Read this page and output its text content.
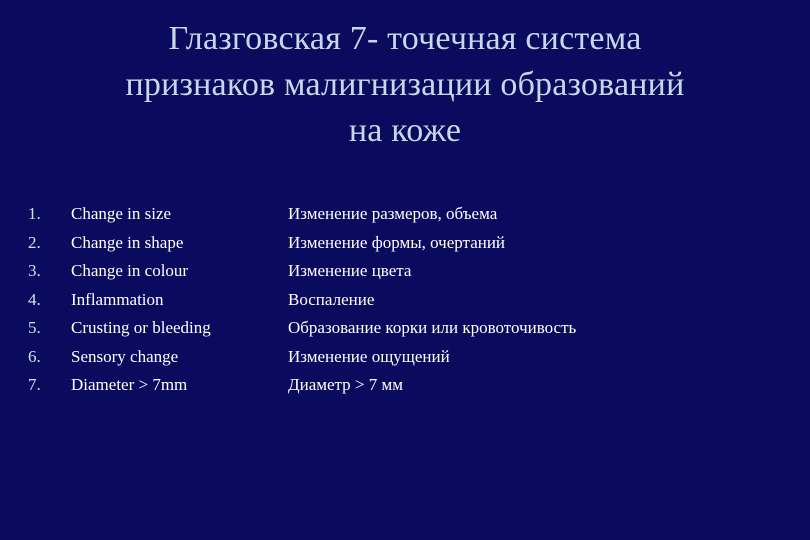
Глазговская 7- точечная система
признаков малигнизации образований
на коже
1. Change in size	Изменение размеров, объема
2. Change in shape	Изменение формы, очертаний
3. Change in colour	Изменение цвета
4. Inflammation	Воспаление
5. Crusting or bleeding	Образование корки или кровоточивость
6. Sensory change	Изменение ощущений
7. Diameter > 7mm	Диаметр > 7 мм
